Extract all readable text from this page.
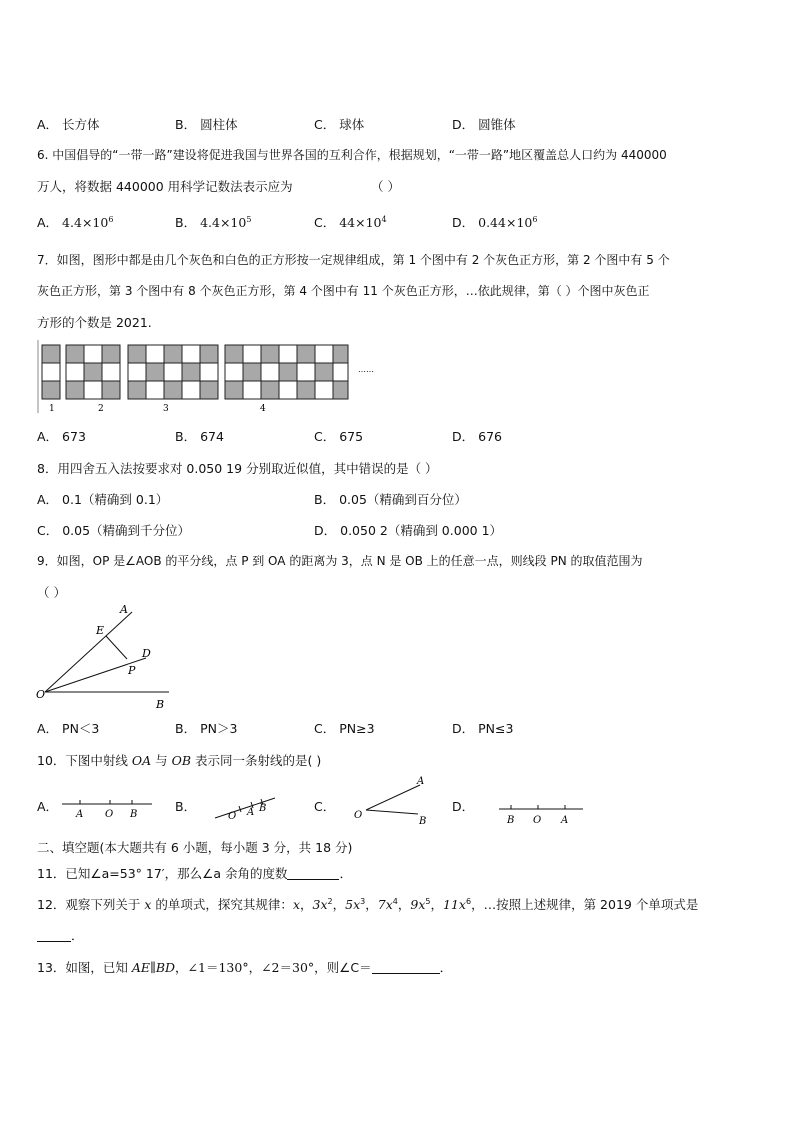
A． 长方体	B． 圆柱体	C． 球体	D． 圆锥体
6. 中国倡导的“一带一路”建设将促进我国与世界各国的互利合作，根据规划，“一带一路”地区覆盖总人口约为 440000
万人，将数据 440000 用科学记数法表示应为	（ ）
A． $4.4\times 10^6$	B． $4.4\times 10^5$	C． $44\times 10^4$	D． $0.44\times 10^6$
7．如图，图形中都是由几个灰色和白色的正方形按一定规律组成，第 1 个图中有 2 个灰色正方形，第 2 个图中有 5 个
灰色正方形，第 3 个图中有 8 个灰色正方形，第 4 个图中有 11 个灰色正方形，…依此规律，第（ ）个图中灰色正
方形的个数是 2021.
……
1	2	3	4
A． 673	B． 674	C． 675	D． 676
8．用四舍五入法按要求对 0.050 19 分别取近似值，其中错误的是（ ）
A． 0.1（精确到 0.1）	B． 0.05（精确到百分位）
C． 0.05（精确到千分位）	D． 0.050 2（精确到 0.000 1）
9．如图，OP 是∠AOB 的平分线，点 P 到 OA 的距离为 3，点 N 是 OB 上的任意一点，则线段 PN 的取值范围为
（ ）
A
E
D
P
O
B
A． PN＜3	B． PN＞3	C． PN≥3	D． PN≤3
10．下图中射线 OA 与 OB 表示同一条射线的是( )
A．
A O B
B．
O A B	C．
A
O
B
D．
B O A
二、填空题(本大题共有 6 小题，每小题 3 分，共 18 分)
11．已知∠a=53° 17′，那么∠a 余角的度数	．
12．观察下列关于 x 的单项式，探究其规律：x，$3x^2$，$5x^3$，$7x^4$，$9x^5$，$11x^6$，…按照上述规律，第 2019 个单项式是
．
13．如图，已知 AE∥BD，∠1＝130°，∠2＝30°，则∠C＝	．
